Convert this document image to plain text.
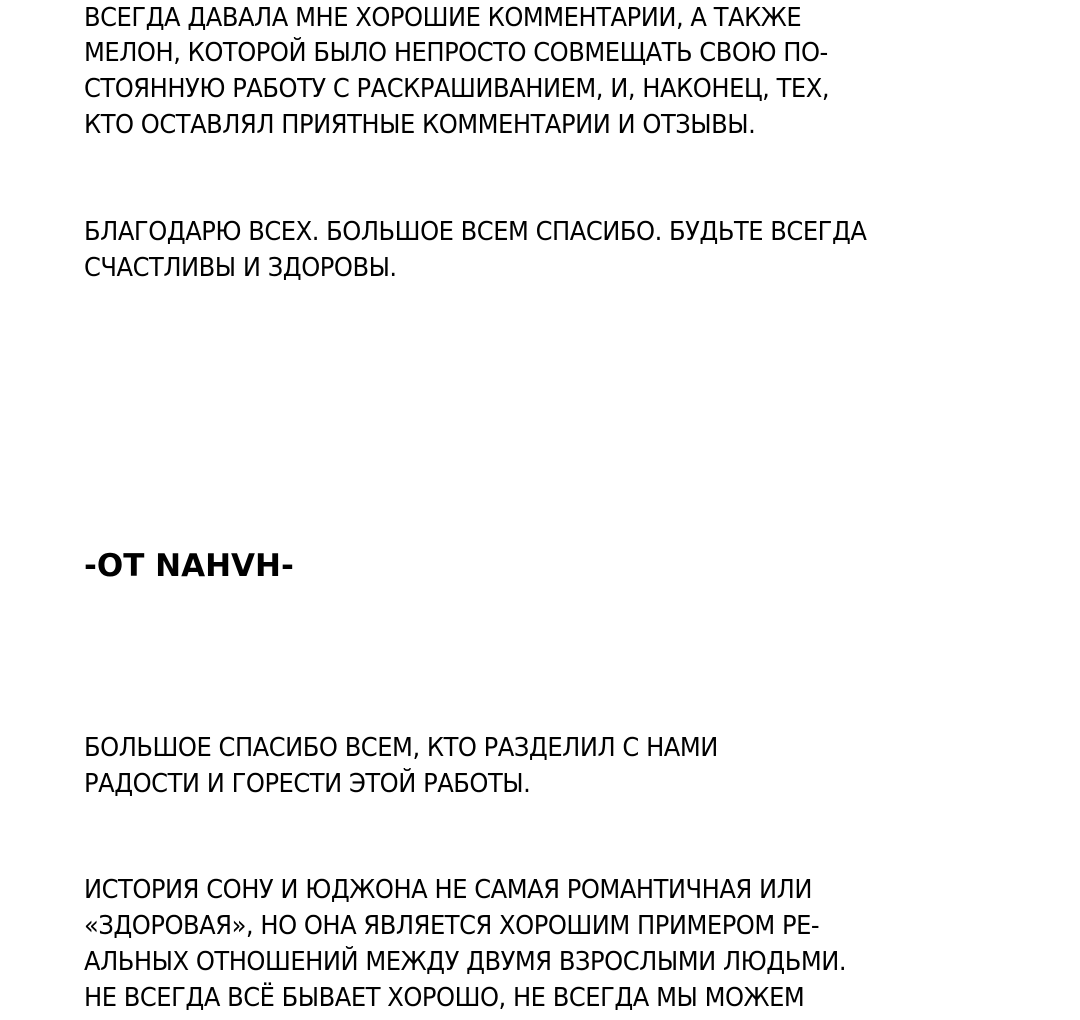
ВСЕГДА ДАВАЛА МНЕ ХОРОШИЕ КОММЕНТАРИИ, А ТАКЖЕ

МЕЛОН, КОТОРОЙ БЫЛО НЕПРОСТО СОВМЕЩАТЬ СВОЮ ПО-

СТОЯННУЮ РАБОТУ С РАСКРАШИВАНИЕМ, И, НАКОНЕЦ, ТЕХ,

КТО ОСТАВЛЯЛ ПРИЯТНЫЕ КОММЕНТАРИИ И ОТЗЫВЫ.

БЛАГОДАРЮ ВСЕХ. БОЛЬШОЕ ВСЕМ СПАСИБО. БУДЬТЕ ВСЕГДА

СЧАСТЛИВЫ И ЗДОРОВЫ.

-ОТ NAHVH-

БОЛЬШОЕ СПАСИБО ВСЕМ, КТО РАЗДЕЛИЛ С НАМИ

РАДОСТИ И ГОРЕСТИ ЭТОЙ РАБОТЫ.

ИСТОРИЯ СОНУ И ЮДЖОНА НЕ САМАЯ РОМАНТИЧНАЯ ИЛИ

«ЗДОРОВАЯ», НО ОНА ЯВЛЯЕТСЯ ХОРОШИМ ПРИМЕРОМ РЕ-

АЛЬНЫХ ОТНОШЕНИЙ МЕЖДУ ДВУМЯ ВЗРОСЛЫМИ ЛЮДЬМИ.

НЕ ВСЕГДА ВСЁ БЫВАЕТ ХОРОШО, НЕ ВСЕГДА МЫ МОЖЕМ
